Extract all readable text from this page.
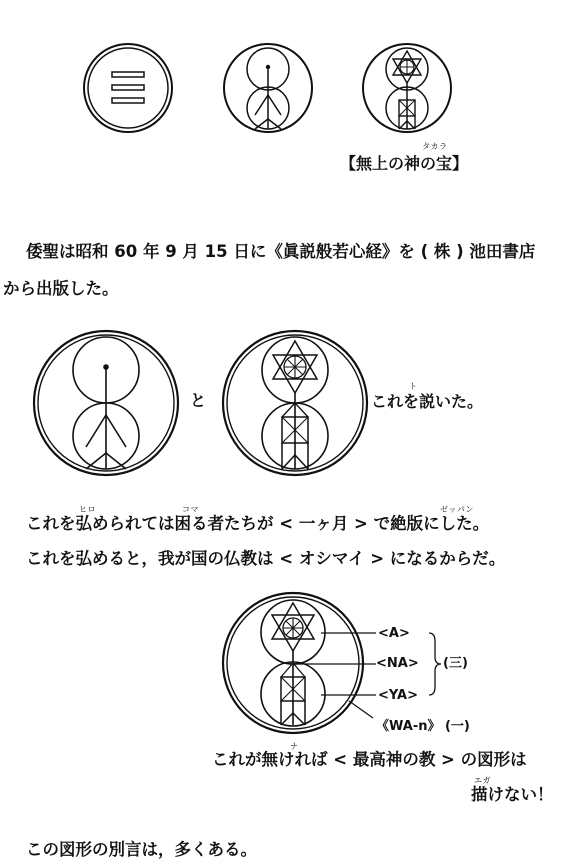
タカラ
【無上の神の宝】
倭聖は昭和 60 年 9 月 15 日に《眞説般若心経》を ( 株 ) 池田書店
から出版した。
と
ト
これを説いた。
ヒロ	コマ	ゼッパン
これを弘められては困る者たちが < 一ヶ月 > で絶版にした。
これを弘めると，我が国の仏教は < オシマイ > になるからだ。
<A>
<NA>
<YA>
(三)
《WA-n》 (一)
ナ
これが無ければ < 最高神の教 > の図形は
エガ
描けない！
この図形の別言は，多くある。
